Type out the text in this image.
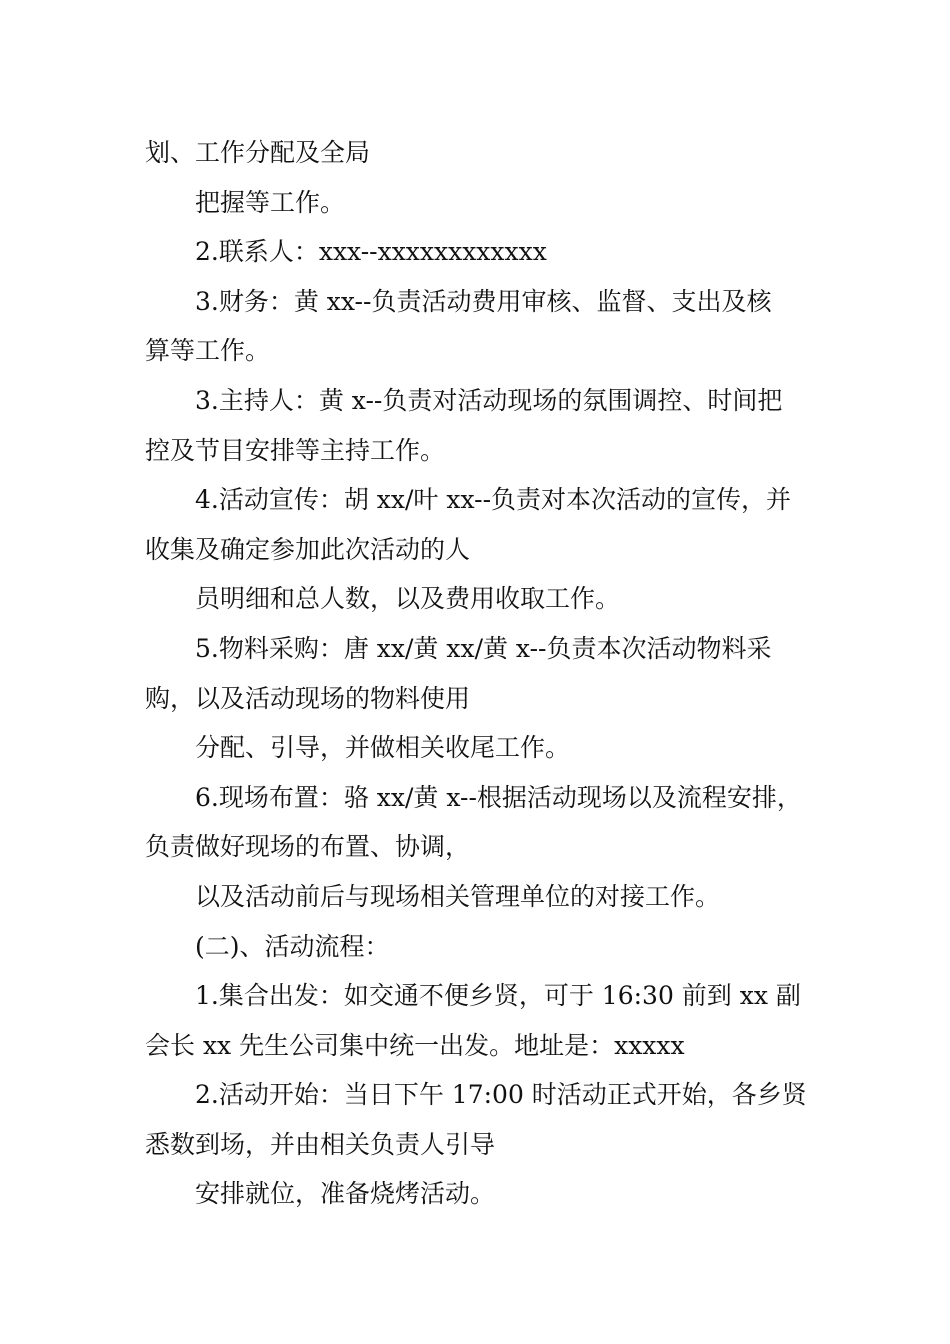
划、工作分配及全局

把握等工作。

2.联系人：xxx--xxxxxxxxxxxx

3.财务：黄 xx--负责活动费用审核、监督、支出及核

算等工作。

3.主持人：黄 x--负责对活动现场的氛围调控、时间把

控及节目安排等主持工作。

4.活动宣传：胡 xx/叶 xx--负责对本次活动的宣传，并

收集及确定参加此次活动的人

员明细和总人数，以及费用收取工作。

5.物料采购：唐 xx/黄 xx/黄 x--负责本次活动物料采

购，以及活动现场的物料使用

分配、引导，并做相关收尾工作。

6.现场布置：骆 xx/黄 x--根据活动现场以及流程安排，

负责做好现场的布置、协调，

以及活动前后与现场相关管理单位的对接工作。

(二)、活动流程：

1.集合出发：如交通不便乡贤，可于 16:30 前到 xx 副

会长 xx 先生公司集中统一出发。地址是：xxxxx

2.活动开始：当日下午 17:00 时活动正式开始，各乡贤

悉数到场，并由相关负责人引导

安排就位，准备烧烤活动。
